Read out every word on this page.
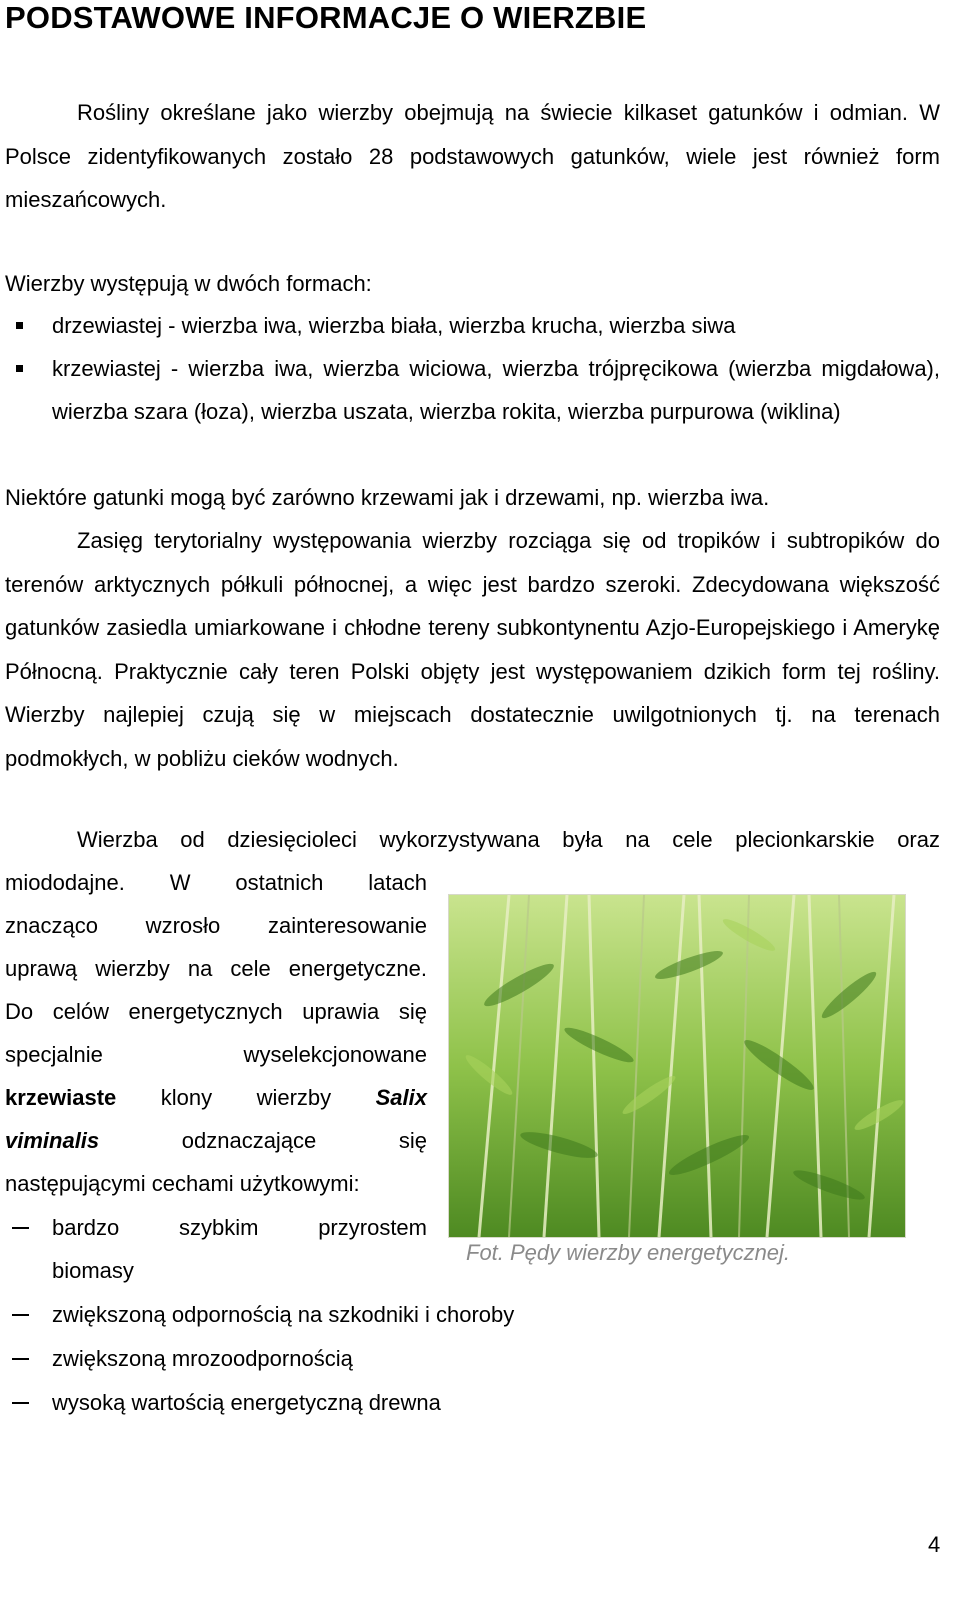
PODSTAWOWE INFORMACJE O WIERZBIE

Rośliny określane jako wierzby obejmują na świecie kilkaset gatunków i odmian. W Polsce zidentyfikowanych zostało 28 podstawowych gatunków, wiele jest również form mieszańcowych.

Wierzby występują w dwóch formach:

drzewiastej - wierzba iwa, wierzba biała, wierzba krucha, wierzba siwa

krzewiastej - wierzba iwa, wierzba wiciowa, wierzba trójpręcikowa (wierzba migdałowa), wierzba szara (łoza), wierzba uszata, wierzba rokita, wierzba purpurowa (wiklina)

Niektóre gatunki mogą być zarówno krzewami jak i drzewami, np. wierzba iwa.

Zasięg terytorialny występowania wierzby rozciąga się od tropików i subtropików do terenów arktycznych półkuli północnej, a więc jest bardzo szeroki. Zdecydowana większość gatunków zasiedla umiarkowane i chłodne tereny subkontynentu Azjo-Europejskiego i Amerykę Północną. Praktycznie cały teren Polski objęty jest występowaniem dzikich form tej rośliny. Wierzby najlepiej czują się w miejscach dostatecznie uwilgotnionych tj. na terenach podmokłych, w pobliżu cieków wodnych.

Wierzba od dziesięcioleci wykorzystywana była na cele plecionkarskie oraz

miododajne. W ostatnich latach

znacząco wzrosło zainteresowanie

uprawą wierzby na cele energetyczne.

Do celów energetycznych uprawia się

specjalnie wyselekcjonowane

krzewiaste klony wierzby Salix

viminalis	odznaczające się

następującymi cechami użytkowymi:

bardzo szybkim przyrostem

biomasy

zwiększoną odpornością na szkodniki i choroby

zwiększoną mrozoodpornością

wysoką wartością energetyczną drewna

Fot. Pędy wierzby energetycznej.

4
